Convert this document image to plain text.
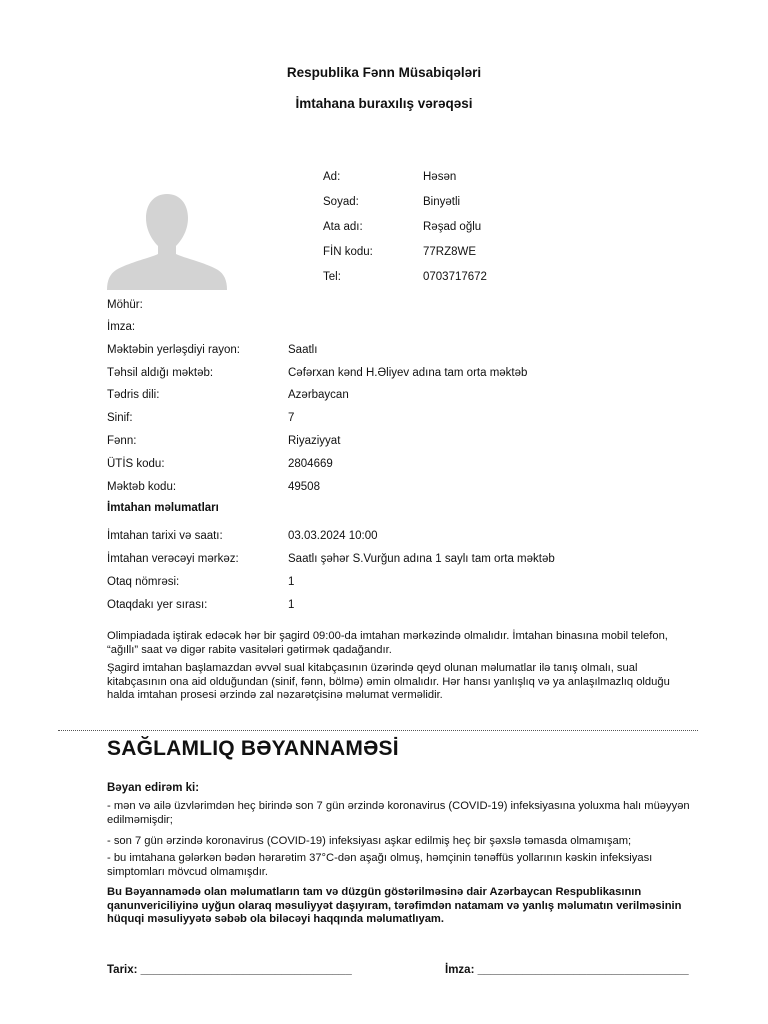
Respublika Fənn Müsabiqələri
İmtahana buraxılış vərəqəsi
Ad:	Həsən
Soyad:	Binyətli
Ata adı:	Rəşad oğlu
FİN kodu:	77RZ8WE
Tel:	0703717672
Möhür:
İmza:
Məktəbin yerləşdiyi rayon:	Saatlı
Təhsil aldığı məktəb:	Cəfərxan kənd H.Əliyev adına tam orta məktəb
Tədris dili:	Azərbaycan
Sinif:	7
Fənn:	Riyaziyyat
ÜTİS kodu:	2804669
Məktəb kodu:	49508
İmtahan məlumatları
İmtahan tarixi və saatı:	03.03.2024 10:00
İmtahan verəcəyi mərkəz:	Saatlı şəhər S.Vurğun adına 1 saylı tam orta məktəb
Otaq nömrəsi:	1
Otaqdakı yer sırası:	1
Olimpiadada iştirak edəcək hər bir şagird 09:00-da imtahan mərkəzində olmalıdır. İmtahan binasına mobil telefon, “ağıllı” saat və digər rabitə vasitələri gətirmək qadağandır.
Şagird imtahan başlamazdan əvvəl sual kitabçasının üzərində qeyd olunan məlumatlar ilə tanış olmalı, sual kitabçasının ona aid olduğundan (sinif, fənn, bölmə) əmin olmalıdır. Hər hansı yanlışlıq və ya anlaşılmazlıq olduğu halda imtahan prosesi ərzində zal nəzarətçisinə məlumat verməlidir.
SAĞLAMLIQ BƏYANNAMƏSİ
Bəyan edirəm ki:
- mən və ailə üzvlərimdən heç birində son 7 gün ərzində koronavirus (COVID-19) infeksiyasına yoluxma halı müəyyən edilməmişdir;
- son 7 gün ərzində koronavirus (COVID-19) infeksiyası aşkar edilmiş heç bir şəxslə təmasda olmamışam;
- bu imtahana gələrkən bədən hərarətim 37°C-dən aşağı olmuş, həmçinin tənəffüs yollarının kəskin infeksiyası simptomları mövcud olmamışdır.
Bu Bəyannamədə olan məlumatların tam və düzgün göstərilməsinə dair Azərbaycan Respublikasının qanunvericiliyinə uyğun olaraq məsuliyyət daşıyıram, tərəfimdən natamam və yanlış məlumatın verilməsinin hüquqi məsuliyyətə səbəb ola biləcəyi haqqında məlumatlıyam.
Tarix: _________________________________	İmza: _________________________________
